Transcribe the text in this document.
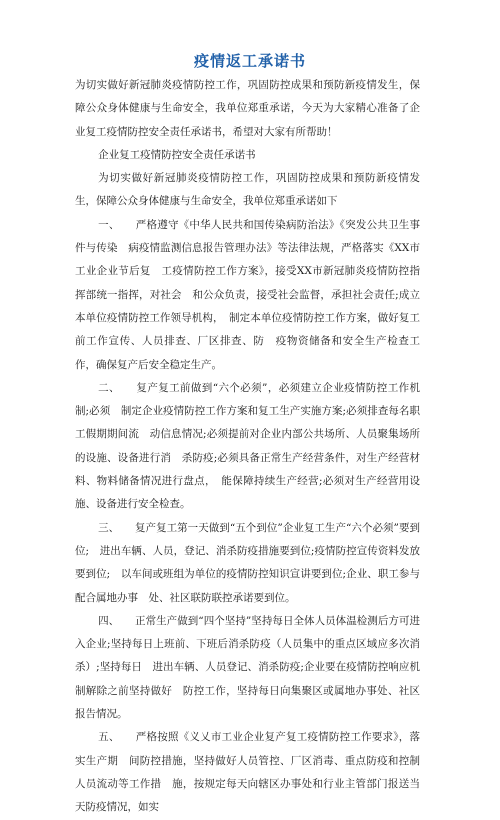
疫情返工承诺书

为切实做好新冠肺炎疫情防控工作，巩固防控成果和预防新疫情发生，保障公众身体健康与生命安全，我单位郑重承诺，今天为大家精心准备了企业复工疫情防控安全责任承诺书，希望对大家有所帮助！

企业复工疫情防控安全责任承诺书

为切实做好新冠肺炎疫情防控工作，巩固防控成果和预防新疫情发生，保障公众身体健康与生命安全，我单位郑重承诺如下

一、　　严格遵守《中华人民共和国传染病防治法》《突发公共卫生事件与传染　病疫情监测信息报告管理办法》等法律法规，严格落实《XX市工业企业节后复　工疫情防控工作方案》，接受XX市新冠肺炎疫情防控指挥部统一指挥，对社会　和公众负责，接受社会监督，承担社会责任;成立本单位疫情防控工作领导机构，　制定本单位疫情防控工作方案，做好复工前工作宣传、人员排查、厂区排查、防　疫物资储备和安全生产检查工作，确保复产后安全稳定生产。

二、　　复产复工前做到“六个必须”，必须建立企业疫情防控工作机制;必须　制定企业疫情防控工作方案和复工生产实施方案;必须排查每名职工假期期间流　动信息情况;必须提前对企业内部公共场所、人员聚集场所的设施、设备进行消　杀防疫;必须具备正常生产经营条件，对生产经营材料、物料储备情况进行盘点，　能保障持续生产经营;必须对生产经营用设施、设备进行安全检查。

三、　　复产复工第一天做到“五个到位”企业复工生产“六个必须”要到位;　进出车辆、人员，登记、消杀防疫措施要到位;疫情防控宣传资料发放要到位;　以车间或班组为单位的疫情防控知识宣讲要到位;企业、职工参与配合属地办事　处、社区联防联控承诺要到位。

四、　　正常生产做到“四个坚持”坚持每日全体人员体温检测后方可进入企业;坚持每日上班前、下班后消杀防疫（人员集中的重点区域应多次消杀）;坚持每日　进出车辆、人员登记、消杀防疫;企业要在疫情防控响应机制解除之前坚持做好　防控工作，坚持每日向集聚区或属地办事处、社区报告情况。

五、　　严格按照《义乂市工业企业复产复工疫情防控工作要求》，落实生产期　间防控措施，坚持做好人员管控、厂区消毒、重点防疫和控制人员流动等工作措　施，按规定每天向辖区办事处和行业主管部门报送当天防疫情况，如实
